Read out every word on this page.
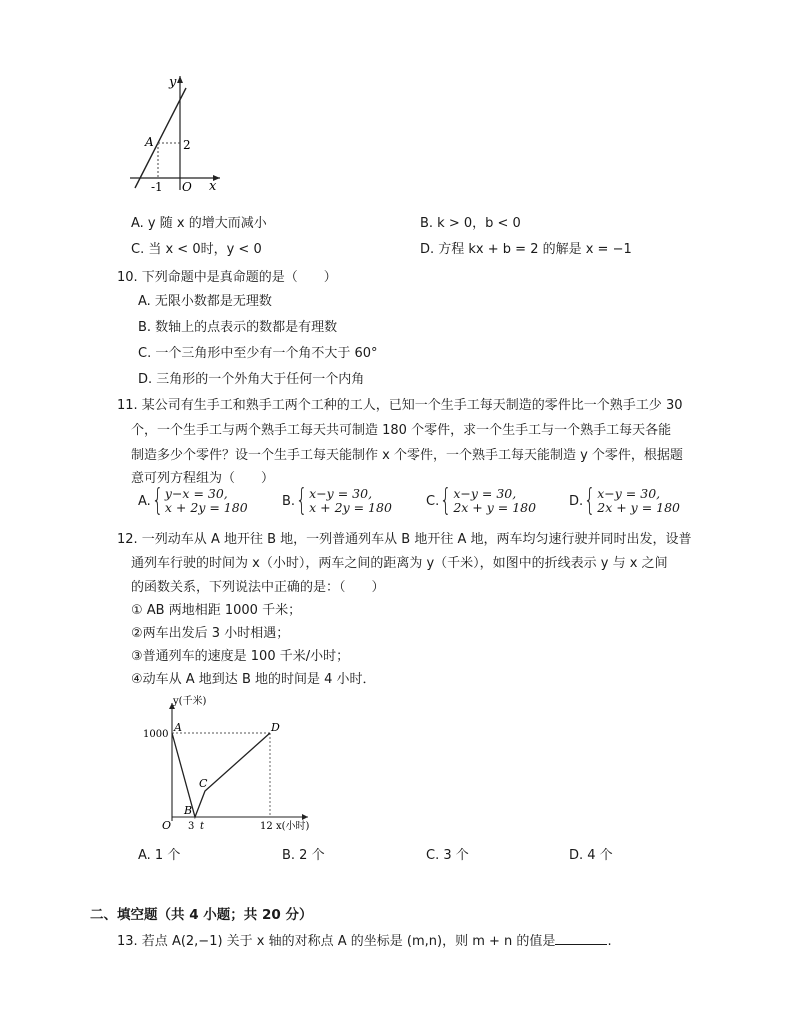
y
x
O
A 2
-1
A. y 随 x 的增大而减小	B. k > 0，b < 0
C. 当 x < 0时，y < 0	D. 方程 kx + b = 2 的解是 x = −1
10. 下列命题中是真命题的是（　　）
A. 无限小数都是无理数
B. 数轴上的点表示的数都是有理数
C. 一个三角形中至少有一个角不大于 60°
D. 三角形的一个外角大于任何一个内角
11. 某公司有生手工和熟手工两个工种的工人，已知一个生手工每天制造的零件比一个熟手工少 30
个，一个生手工与两个熟手工每天共可制造 180 个零件，求一个生手工与一个熟手工每天各能
制造多少个零件？设一个生手工每天能制作 x 个零件，一个熟手工每天能制造 y 个零件，根据题
意可列方程组为（　　）
A. { y−x = 30,
x + 2y = 180	B. { x−y = 30,
x + 2y = 180	C. { x−y = 30,
2x + y = 180	D. { x−y = 30,
2x + y = 180
12. 一列动车从 A 地开往 B 地，一列普通列车从 B 地开往 A 地，两车均匀速行驶并同时出发，设普
通列车行驶的时间为 x（小时），两车之间的距离为 y（千米），如图中的折线表示 y 与 x 之间
的函数关系，下列说法中正确的是：（　　）
① AB 两地相距 1000 千米；
②两车出发后 3 小时相遇；
③普通列车的速度是 100 千米/小时；
④动车从 A 地到达 B 地的时间是 4 小时．
y(千米)
x(小时)
1000
O 3 t	12
A
B
C
D
A. 1 个	B. 2 个	C. 3 个	D. 4 个
二、填空题（共 4 小题；共 20 分）
13. 若点 A(2,−1) 关于 x 轴的对称点 A 的坐标是 (m,n)，则 m + n 的值是	.
